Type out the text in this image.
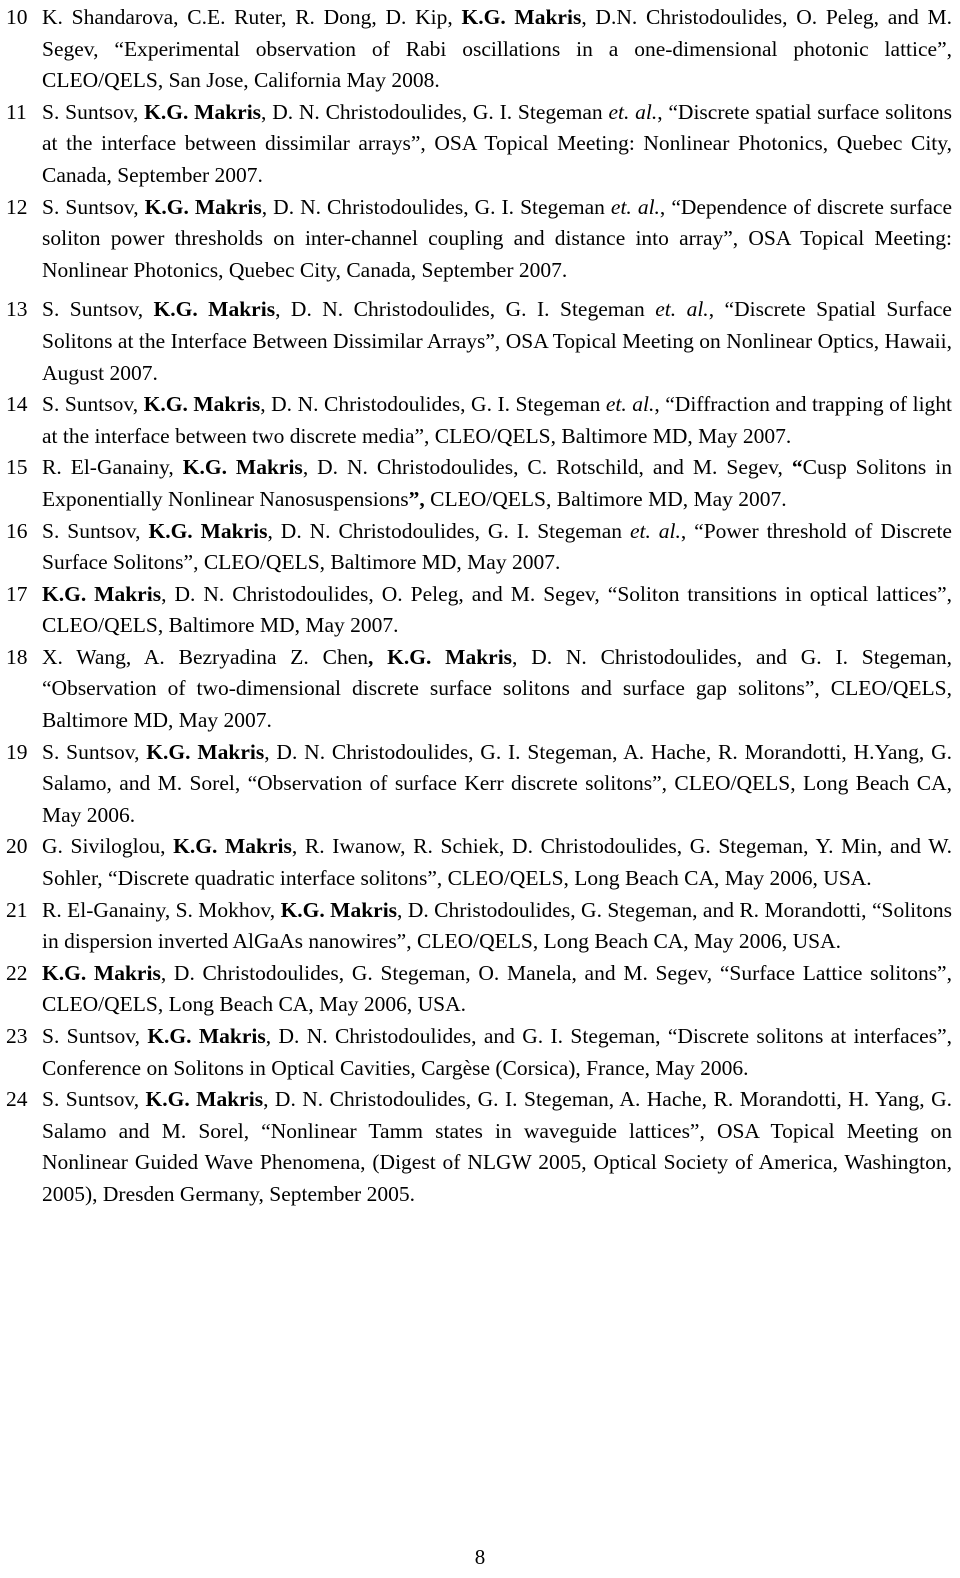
10 K. Shandarova, C.E. Ruter, R. Dong, D. Kip, K.G. Makris, D.N. Christodoulides, O. Peleg, and M. Segev, “Experimental observation of Rabi oscillations in a one-dimensional photonic lattice”, CLEO/QELS, San Jose, California May 2008.
11 S. Suntsov, K.G. Makris, D. N. Christodoulides, G. I. Stegeman et. al., “Discrete spatial surface solitons at the interface between dissimilar arrays”, OSA Topical Meeting: Nonlinear Photonics, Quebec City, Canada, September 2007.
12 S. Suntsov, K.G. Makris, D. N. Christodoulides, G. I. Stegeman et. al., “Dependence of discrete surface soliton power thresholds on inter-channel coupling and distance into array”, OSA Topical Meeting: Nonlinear Photonics, Quebec City, Canada, September 2007.
13 S. Suntsov, K.G. Makris, D. N. Christodoulides, G. I. Stegeman et. al., “Discrete Spatial Surface Solitons at the Interface Between Dissimilar Arrays”, OSA Topical Meeting on Nonlinear Optics, Hawaii, August 2007.
14 S. Suntsov, K.G. Makris, D. N. Christodoulides, G. I. Stegeman et. al., “Diffraction and trapping of light at the interface between two discrete media”, CLEO/QELS, Baltimore MD, May 2007.
15 R. El-Ganainy, K.G. Makris, D. N. Christodoulides, C. Rotschild, and M. Segev, “Cusp Solitons in Exponentially Nonlinear Nanosuspensions”, CLEO/QELS, Baltimore MD, May 2007.
16 S. Suntsov, K.G. Makris, D. N. Christodoulides, G. I. Stegeman et. al., “Power threshold of Discrete Surface Solitons”, CLEO/QELS, Baltimore MD, May 2007.
17 K.G. Makris, D. N. Christodoulides, O. Peleg, and M. Segev, “Soliton transitions in optical lattices”, CLEO/QELS, Baltimore MD, May 2007.
18 X. Wang, A. Bezryadina Z. Chen, K.G. Makris, D. N. Christodoulides, and G. I. Stegeman, “Observation of two-dimensional discrete surface solitons and surface gap solitons”, CLEO/QELS, Baltimore MD, May 2007.
19 S. Suntsov, K.G. Makris, D. N. Christodoulides, G. I. Stegeman, A. Hache, R. Morandotti, H.Yang, G. Salamo, and M. Sorel, “Observation of surface Kerr discrete solitons”, CLEO/QELS, Long Beach CA, May 2006.
20 G. Siviloglou, K.G. Makris, R. Iwanow, R. Schiek, D. Christodoulides, G. Stegeman, Y. Min, and W. Sohler, “Discrete quadratic interface solitons”, CLEO/QELS, Long Beach CA, May 2006, USA.
21 R. El-Ganainy, S. Mokhov, K.G. Makris, D. Christodoulides, G. Stegeman, and R. Morandotti, “Solitons in dispersion inverted AlGaAs nanowires”, CLEO/QELS, Long Beach CA, May 2006, USA.
22 K.G. Makris, D. Christodoulides, G. Stegeman, O. Manela, and M. Segev, “Surface Lattice solitons”, CLEO/QELS, Long Beach CA, May 2006, USA.
23 S. Suntsov, K.G. Makris, D. N. Christodoulides, and G. I. Stegeman, “Discrete solitons at interfaces”, Conference on Solitons in Optical Cavities, Cargèse (Corsica), France, May 2006.
24 S. Suntsov, K.G. Makris, D. N. Christodoulides, G. I. Stegeman, A. Hache, R. Morandotti, H. Yang, G. Salamo and M. Sorel, “Nonlinear Tamm states in waveguide lattices”, OSA Topical Meeting on Nonlinear Guided Wave Phenomena, (Digest of NLGW 2005, Optical Society of America, Washington, 2005), Dresden Germany, September 2005.
8
